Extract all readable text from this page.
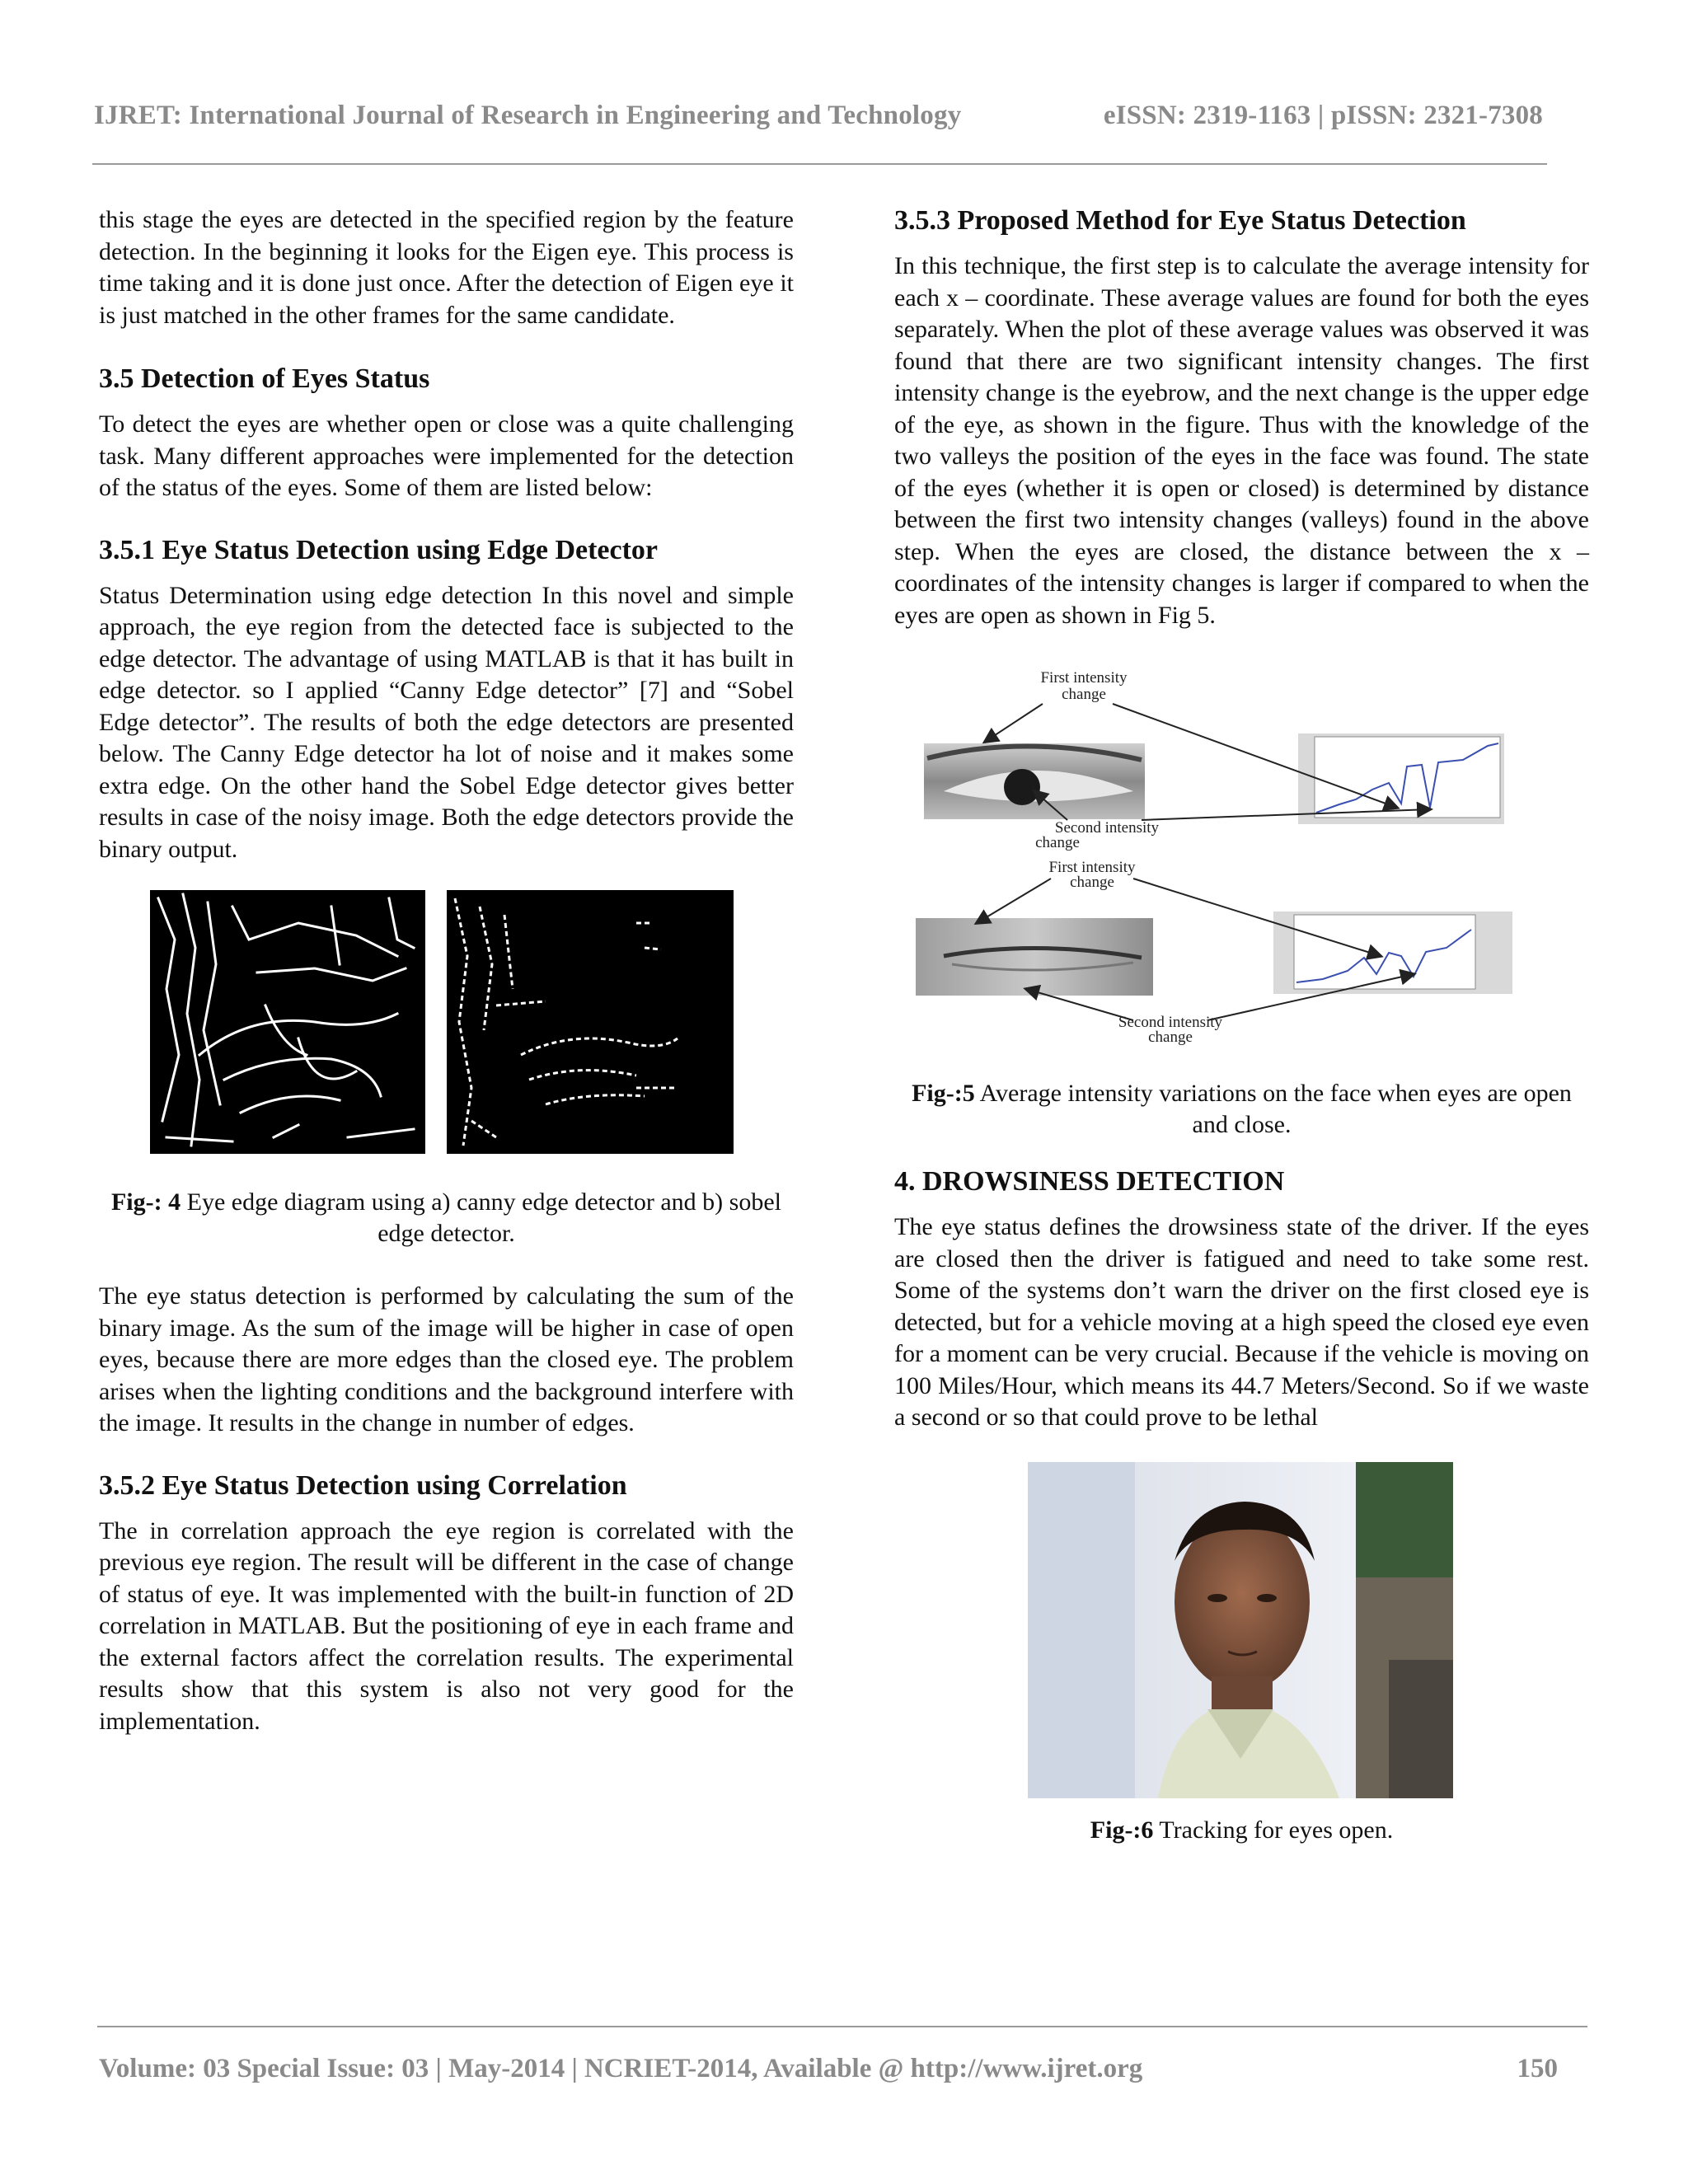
IJRET: International Journal of Research in Engineering and Technology	eISSN: 2319-1163 | pISSN: 2321-7308

this stage the eyes are detected in the specified region by the feature detection. In the beginning it looks for the Eigen eye. This process is time taking and it is done just once. After the detection of Eigen eye it is just matched in the other frames for the same candidate.

3.5 Detection of Eyes Status

To detect the eyes are whether open or close was a quite challenging task. Many different approaches were implemented for the detection of the status of the eyes. Some of them are listed below:

3.5.1 Eye Status Detection using Edge Detector

Status Determination using edge detection In this novel and simple approach, the eye region from the detected face is subjected to the edge detector. The advantage of using MATLAB is that it has built in edge detector. so I applied “Canny Edge detector” [7] and “Sobel Edge detector”. The results of both the edge detectors are presented below. The Canny Edge detector ha lot of noise and it makes some extra edge. On the other hand the Sobel Edge detector gives better results in case of the noisy image. Both the edge detectors provide the binary output.

Fig-: 4 Eye edge diagram using a) canny edge detector and b) sobel edge detector.

The eye status detection is performed by calculating the sum of the binary image. As the sum of the image will be higher in case of open eyes, because there are more edges than the closed eye. The problem arises when the lighting conditions and the background interfere with the image. It results in the change in number of edges.

3.5.2 Eye Status Detection using Correlation

The in correlation approach the eye region is correlated with the previous eye region. The result will be different in the case of change of status of eye. It was implemented with the built-in function of 2D correlation in MATLAB. But the positioning of eye in each frame and the external factors affect the correlation results. The experimental results show that this system is also not very good for the implementation.

3.5.3 Proposed Method for Eye Status Detection

In this technique, the first step is to calculate the average intensity for each x – coordinate. These average values are found for both the eyes separately. When the plot of these average values was observed it was found that there are two significant intensity changes. The first intensity change is the eyebrow, and the next change is the upper edge of the eye, as shown in the figure. Thus with the knowledge of the two valleys the position of the eyes in the face was found. The state of the eyes (whether it is open or closed) is determined by distance between the first two intensity changes (valleys) found in the above step. When the eyes are closed, the distance between the x – coordinates of the intensity changes is larger if compared to when the eyes are open as shown in Fig 5.

First intensity
change
Second intensity
change
First intensity
change
Second intensity
change

Fig-:5 Average intensity variations on the face when eyes are open and close.

4. DROWSINESS DETECTION

The eye status defines the drowsiness state of the driver. If the eyes are closed then the driver is fatigued and need to take some rest. Some of the systems don’t warn the driver on the first closed eye is detected, but for a vehicle moving at a high speed the closed eye even for a moment can be very crucial. Because if the vehicle is moving on 100 Miles/Hour, which means its 44.7 Meters/Second. So if we waste a second or so that could prove to be lethal

Fig-:6 Tracking for eyes open.

Volume: 03 Special Issue: 03 | May-2014 | NCRIET-2014, Available @ http://www.ijret.org	150
